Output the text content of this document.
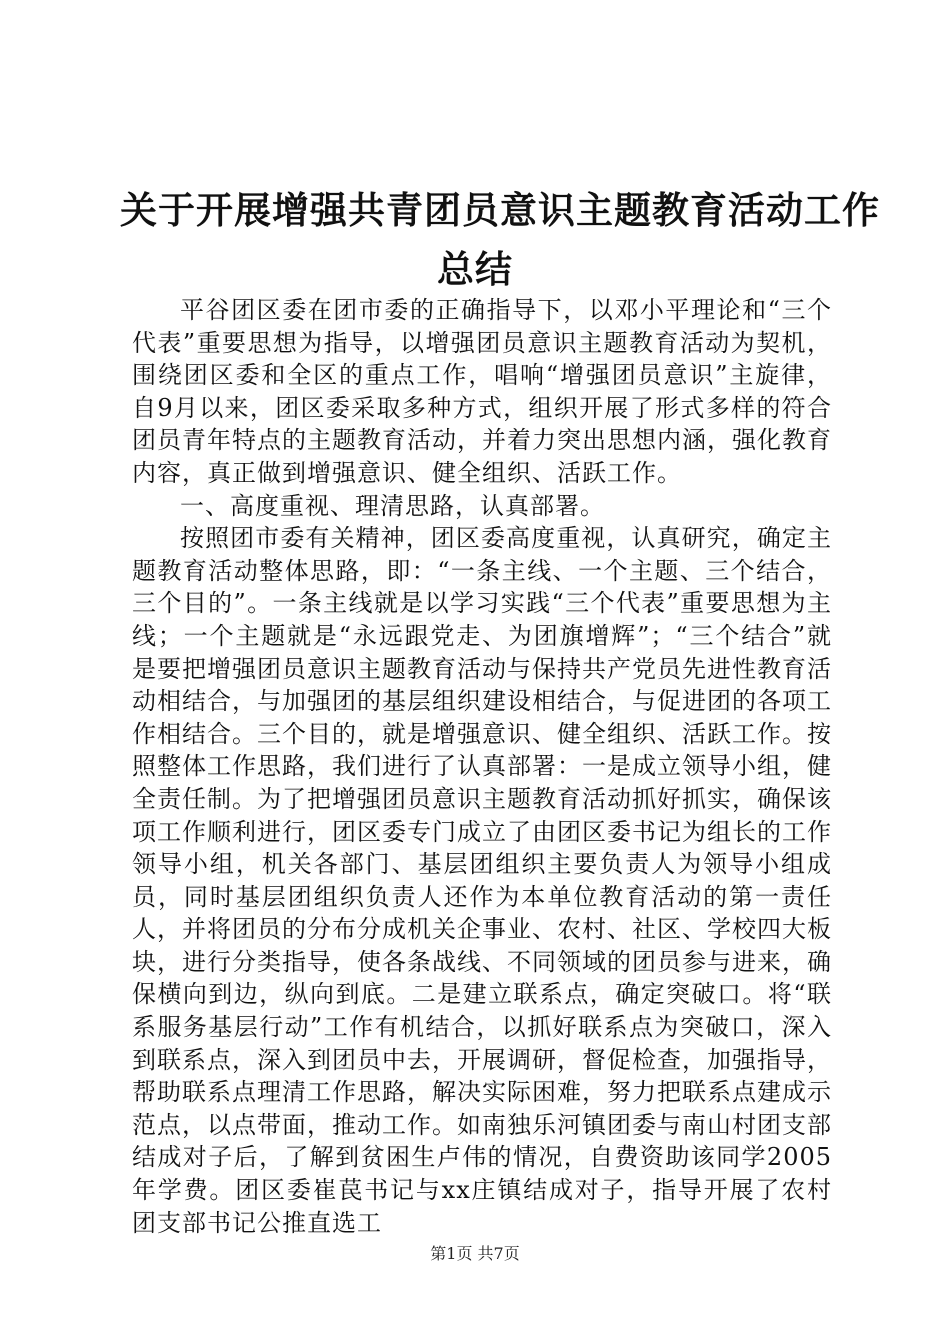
关于开展增强共青团员意识主题教育活动工作
总结

平谷团区委在团市委的正确指导下，以邓小平理论和“三个代表”重要思想为指导，以增强团员意识主题教育活动为契机，围绕团区委和全区的重点工作，唱响“增强团员意识”主旋律，自9月以来，团区委采取多种方式，组织开展了形式多样的符合团员青年特点的主题教育活动，并着力突出思想内涵，强化教育内容，真正做到增强意识、健全组织、活跃工作。

一、高度重视、理清思路，认真部署。

按照团市委有关精神，团区委高度重视，认真研究，确定主题教育活动整体思路，即：“一条主线、一个主题、三个结合，三个目的”。一条主线就是以学习实践“三个代表”重要思想为主线；一个主题就是“永远跟党走、为团旗增辉”；“三个结合”就是要把增强团员意识主题教育活动与保持共产党员先进性教育活动相结合，与加强团的基层组织建设相结合，与促进团的各项工作相结合。三个目的，就是增强意识、健全组织、活跃工作。按照整体工作思路，我们进行了认真部署：一是成立领导小组，健全责任制。为了把增强团员意识主题教育活动抓好抓实，确保该项工作顺利进行，团区委专门成立了由团区委书记为组长的工作领导小组，机关各部门、基层团组织主要负责人为领导小组成员，同时基层团组织负责人还作为本单位教育活动的第一责任人，并将团员的分布分成机关企事业、农村、社区、学校四大板块，进行分类指导，使各条战线、不同领域的团员参与进来，确保横向到边，纵向到底。二是建立联系点，确定突破口。将“联系服务基层行动”工作有机结合，以抓好联系点为突破口，深入到联系点，深入到团员中去，开展调研，督促检查，加强指导，帮助联系点理清工作思路，解决实际困难，努力把联系点建成示范点，以点带面，推动工作。如南独乐河镇团委与南山村团支部结成对子后，了解到贫困生卢伟的情况，自费资助该同学2005年学费。团区委崔苠书记与xx庄镇结成对子，指导开展了农村团支部书记公推直选工

第1页 共7页
